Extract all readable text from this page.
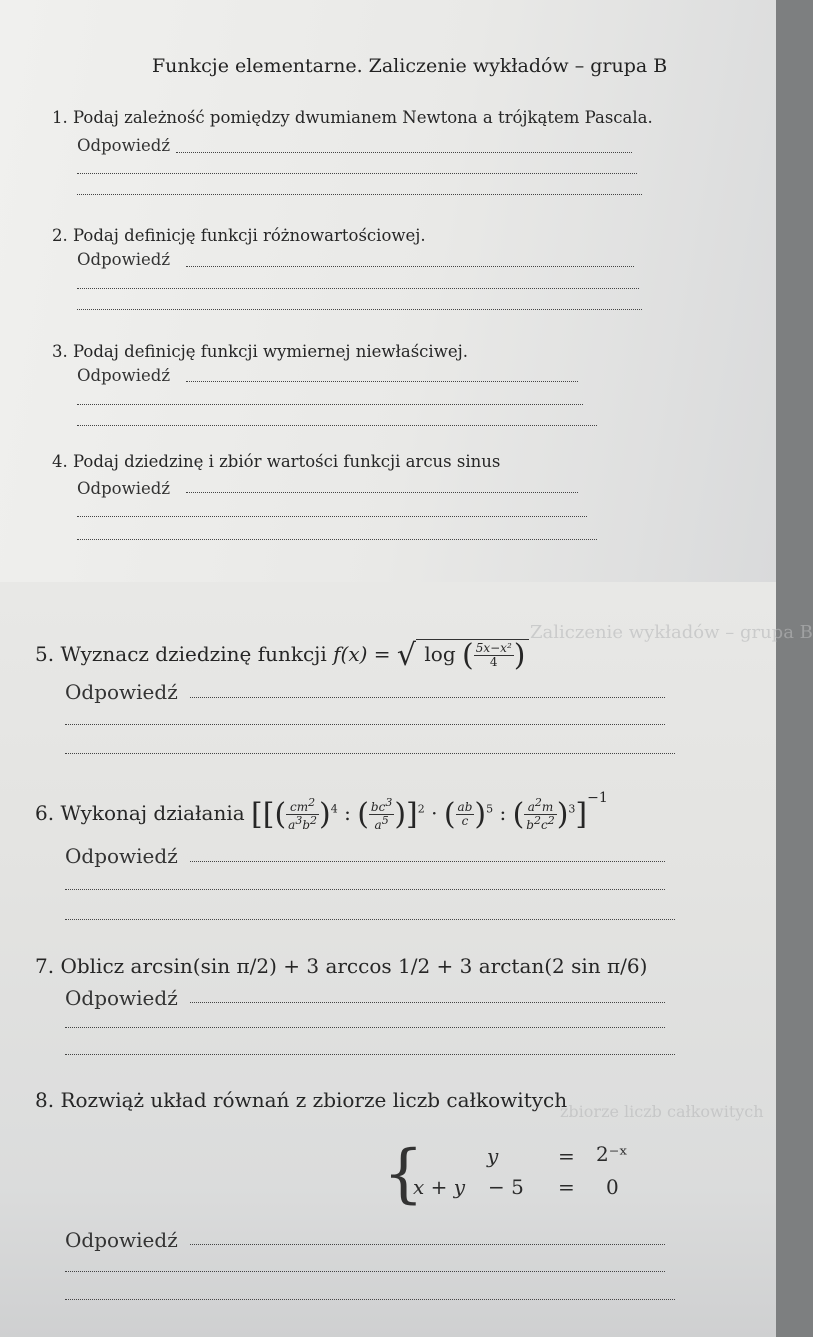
Funkcje elementarne. Zaliczenie wykładów – grupa B
1. Podaj zależność pomiędzy dwumianem Newtona a trójkątem Pascala.
Odpowiedź
2. Podaj definicję funkcji różnowartościowej.
Odpowiedź
3. Podaj definicję funkcji wymiernej niewłaściwej.
Odpowiedź
4. Podaj dziedzinę i zbiór wartości funkcji arcus sinus
Odpowiedź
Zaliczenie wykładów – grupa B
zbiorze liczb całkowitych
5. Wyznacz dziedzinę funkcji f(x) = √ log ( $\frac{\text{5x−x²}}{4}$ )
Odpowiedź
6. Wykonaj działania [[( $\frac{cm^2}{a^3b^2} )^4$ : ( $\frac{bc^3}{a^5} )]^2$ · ( $\frac{ab}{c} )^5$ : ( $\frac{a^2m}{b^2c^2} )^3]^{-1}$
Odpowiedź
7. Oblicz arcsin(sin π/2) + 3 arccos 1/2 + 3 arctan(2 sin π/6)
Odpowiedź
8. Rozwiąż układ równań z zbiorze liczb całkowitych
{	y	= 2⁻ˣ
x + y − 5 = 0
Odpowiedź
